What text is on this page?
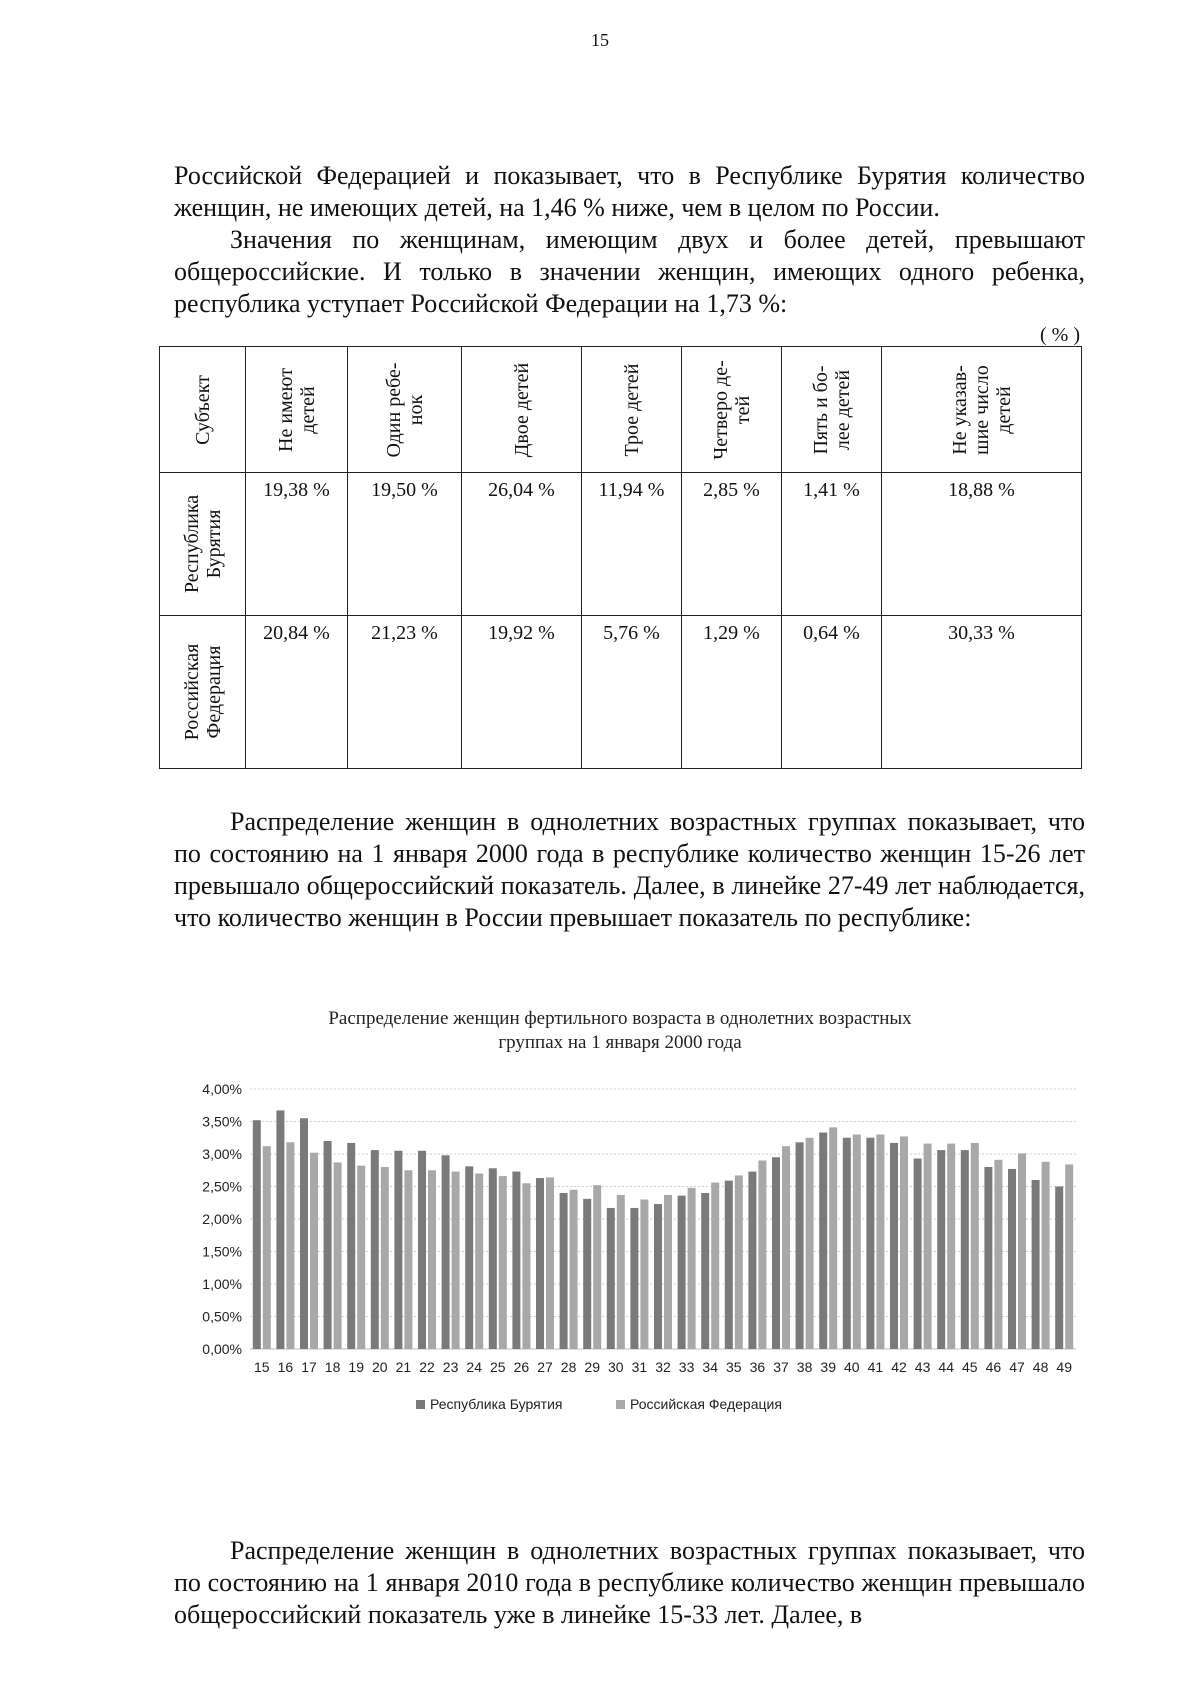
15

Российской Федерацией и показывает, что в Республике Бурятия количество женщин, не имеющих детей, на 1,46 % ниже, чем в целом по России.

Значения по женщинам, имеющим двух и более детей, превышают общероссийские. И только в значении женщин, имеющих одного ребенка, республика уступает Российской Федерации на 1,73 %:

( % )
Субъект	Не имеют детей	Один ребе-нок	Двое детей	Трое детей	Четверо де-тей	Пять и бо-лее детей	Не указав-шие число детей

Республика Бурятия	19,38 %	19,50 %	26,04 %	11,94 %	2,85 %	1,41 %	18,88 %

Российская Федерация	20,84 %	21,23 %	19,92 %	5,76 %	1,29 %	0,64 %	30,33 %

Распределение женщин в однолетних возрастных группах показывает, что по состоянию на 1 января 2000 года в республике количество женщин 15-26 лет превышало общероссийский показатель. Далее, в линейке 27-49 лет наблюдается, что количество женщин в России превышает показатель по республике:

Распределение женщин фертильного возраста в однолетних возрастных группах на 1 января 2000 года
4,00%
3,50%
3,00%
2,50%
2,00%
1,50%
1,00%
0,50%
0,00%
15 16 17 18 19 20 21 22 23 24 25 26 27 28 29 30 31 32 33 34 35 36 37 38 39 40 41 42 43 44 45 46 47 48 49
Республика Бурятия	Российская Федерация

Распределение женщин в однолетних возрастных группах показывает, что по состоянию на 1 января 2010 года в республике количество женщин превышало общероссийский показатель уже в линейке 15-33 лет. Далее, в
